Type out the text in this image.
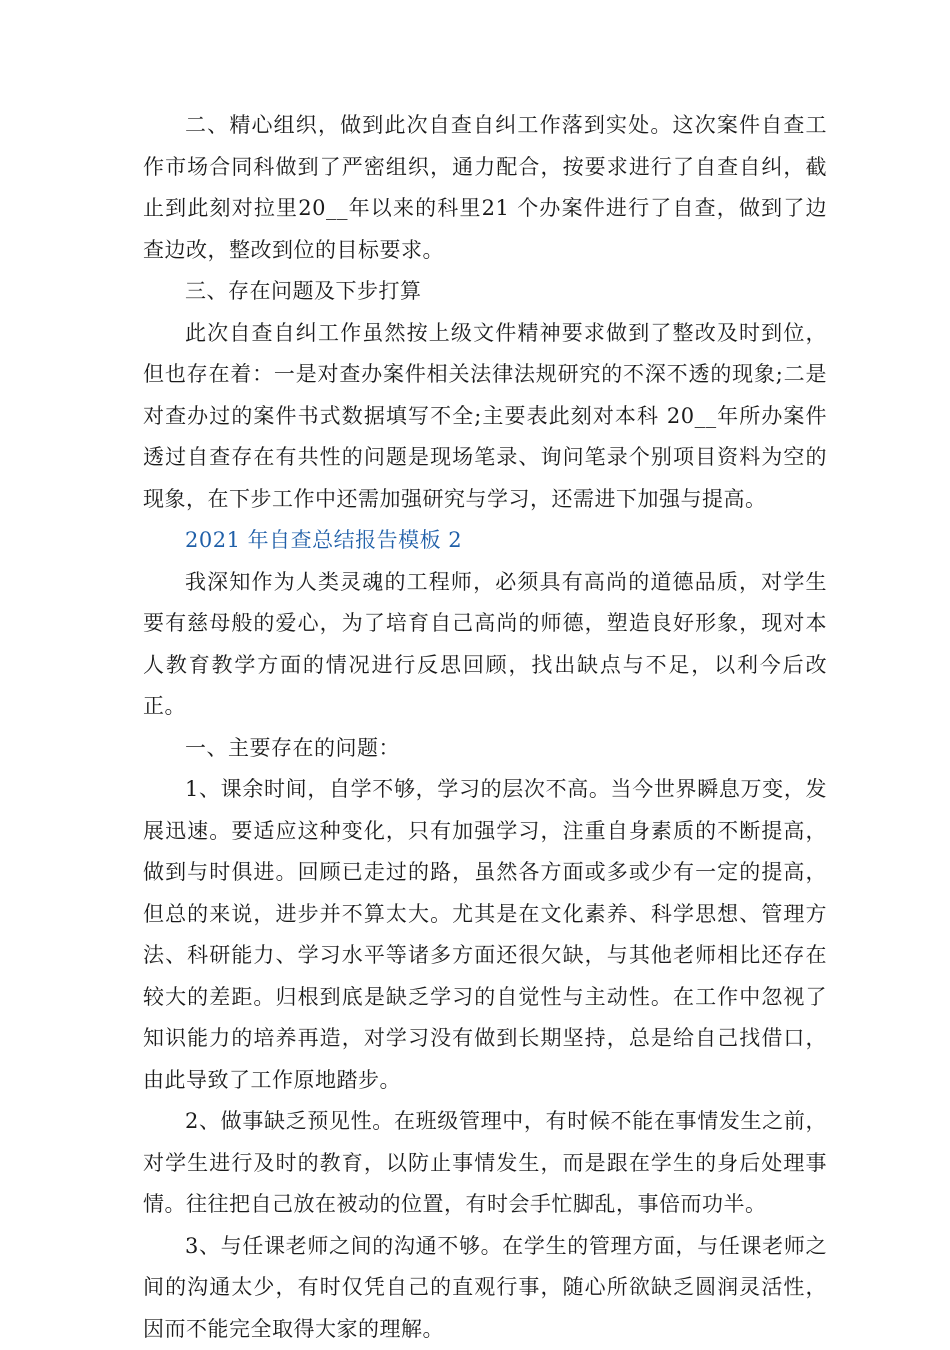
二、精心组织，做到此次自查自纠工作落到实处。这次案件自查工作市场合同科做到了严密组织，通力配合，按要求进行了自查自纠，截止到此刻对拉里20__年以来的科里21 个办案件进行了自查，做到了边查边改，整改到位的目标要求。

三、存在问题及下步打算

此次自查自纠工作虽然按上级文件精神要求做到了整改及时到位，但也存在着：一是对查办案件相关法律法规研究的不深不透的现象;二是对查办过的案件书式数据填写不全;主要表此刻对本科 20__年所办案件透过自查存在有共性的问题是现场笔录、询问笔录个别项目资料为空的现象，在下步工作中还需加强研究与学习，还需进下加强与提高。

2021 年自查总结报告模板 2

我深知作为人类灵魂的工程师，必须具有高尚的道德品质，对学生要有慈母般的爱心，为了培育自己高尚的师德，塑造良好形象，现对本人教育教学方面的情况进行反思回顾，找出缺点与不足，以利今后改正。

一、主要存在的问题：

1、课余时间，自学不够，学习的层次不高。当今世界瞬息万变，发展迅速。要适应这种变化，只有加强学习，注重自身素质的不断提高，做到与时俱进。回顾已走过的路，虽然各方面或多或少有一定的提高，但总的来说，进步并不算太大。尤其是在文化素养、科学思想、管理方法、科研能力、学习水平等诸多方面还很欠缺，与其他老师相比还存在较大的差距。归根到底是缺乏学习的自觉性与主动性。在工作中忽视了知识能力的培养再造，对学习没有做到长期坚持，总是给自己找借口，由此导致了工作原地踏步。

2、做事缺乏预见性。在班级管理中，有时候不能在事情发生之前，对学生进行及时的教育，以防止事情发生，而是跟在学生的身后处理事情。往往把自己放在被动的位置，有时会手忙脚乱，事倍而功半。

3、与任课老师之间的沟通不够。在学生的管理方面，与任课老师之间的沟通太少，有时仅凭自己的直观行事，随心所欲缺乏圆润灵活性，因而不能完全取得大家的理解。
